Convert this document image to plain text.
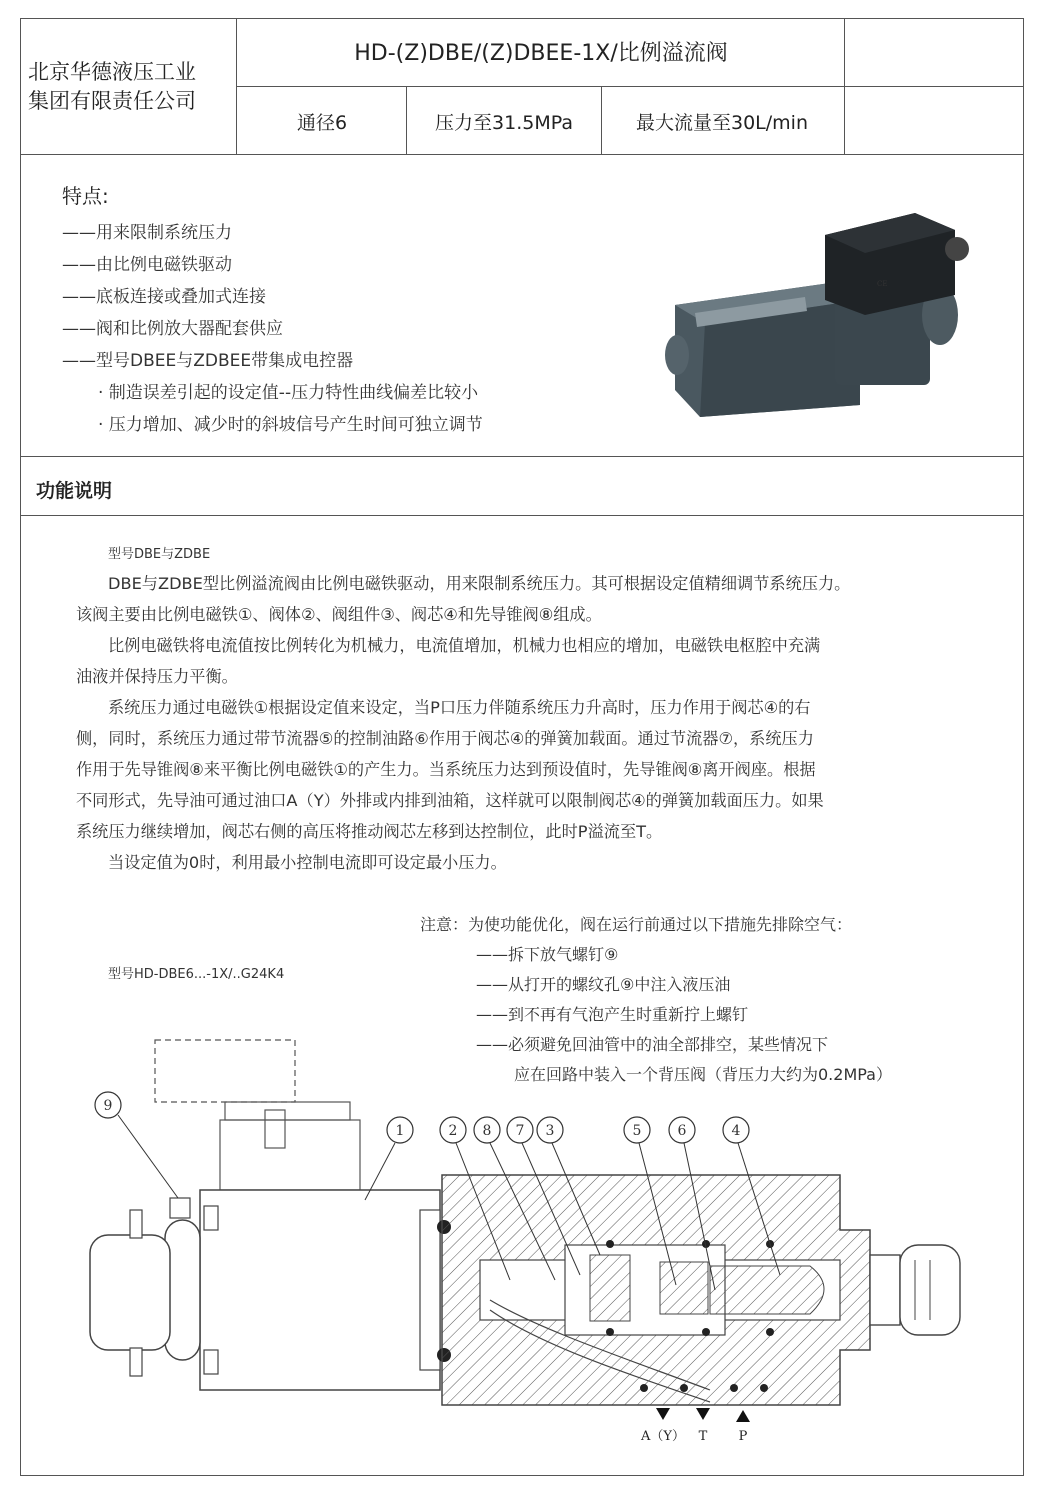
北京华德液压工业
集团有限责任公司
HD-(Z)DBE/(Z)DBEE-1X/比例溢流阀
通径6	压力至31.5MPa	最大流量至30L/min
特点:
——用来限制系统压力
——由比例电磁铁驱动
——底板连接或叠加式连接
——阀和比例放大器配套供应
——型号DBEE与ZDBEE带集成电控器
· 制造误差引起的设定值--压力特性曲线偏差比较小
· 压力增加、减少时的斜坡信号产生时间可独立调节
CE
功能说明
型号DBE与ZDBE
DBE与ZDBE型比例溢流阀由比例电磁铁驱动，用来限制系统压力。其可根据设定值精细调节系统压力。
该阀主要由比例电磁铁①、阀体②、阀组件③、阀芯④和先导锥阀⑧组成。
比例电磁铁将电流值按比例转化为机械力，电流值增加，机械力也相应的增加，电磁铁电枢腔中充满
油液并保持压力平衡。
系统压力通过电磁铁①根据设定值来设定，当P口压力伴随系统压力升高时，压力作用于阀芯④的右
侧，同时，系统压力通过带节流器⑤的控制油路⑥作用于阀芯④的弹簧加载面。通过节流器⑦，系统压力
作用于先导锥阀⑧来平衡比例电磁铁①的产生力。当系统压力达到预设值时，先导锥阀⑧离开阀座。根据
不同形式，先导油可通过油口A（Y）外排或内排到油箱，这样就可以限制阀芯④的弹簧加载面压力。如果
系统压力继续增加，阀芯右侧的高压将推动阀芯左移到达控制位，此时P溢流至T。
当设定值为0时，利用最小控制电流即可设定最小压力。
注意：为使功能优化，阀在运行前通过以下措施先排除空气：
——拆下放气螺钉⑨
——从打开的螺纹孔⑨中注入液压油
——到不再有气泡产生时重新拧上螺钉
——必须避免回油管中的油全部排空，某些情况下
应在回路中装入一个背压阀（背压力大约为0.2MPa）
型号HD-DBE6...-1X/..G24K4
9
1	2 8 7 3	5	6	4
A（Y） T P
